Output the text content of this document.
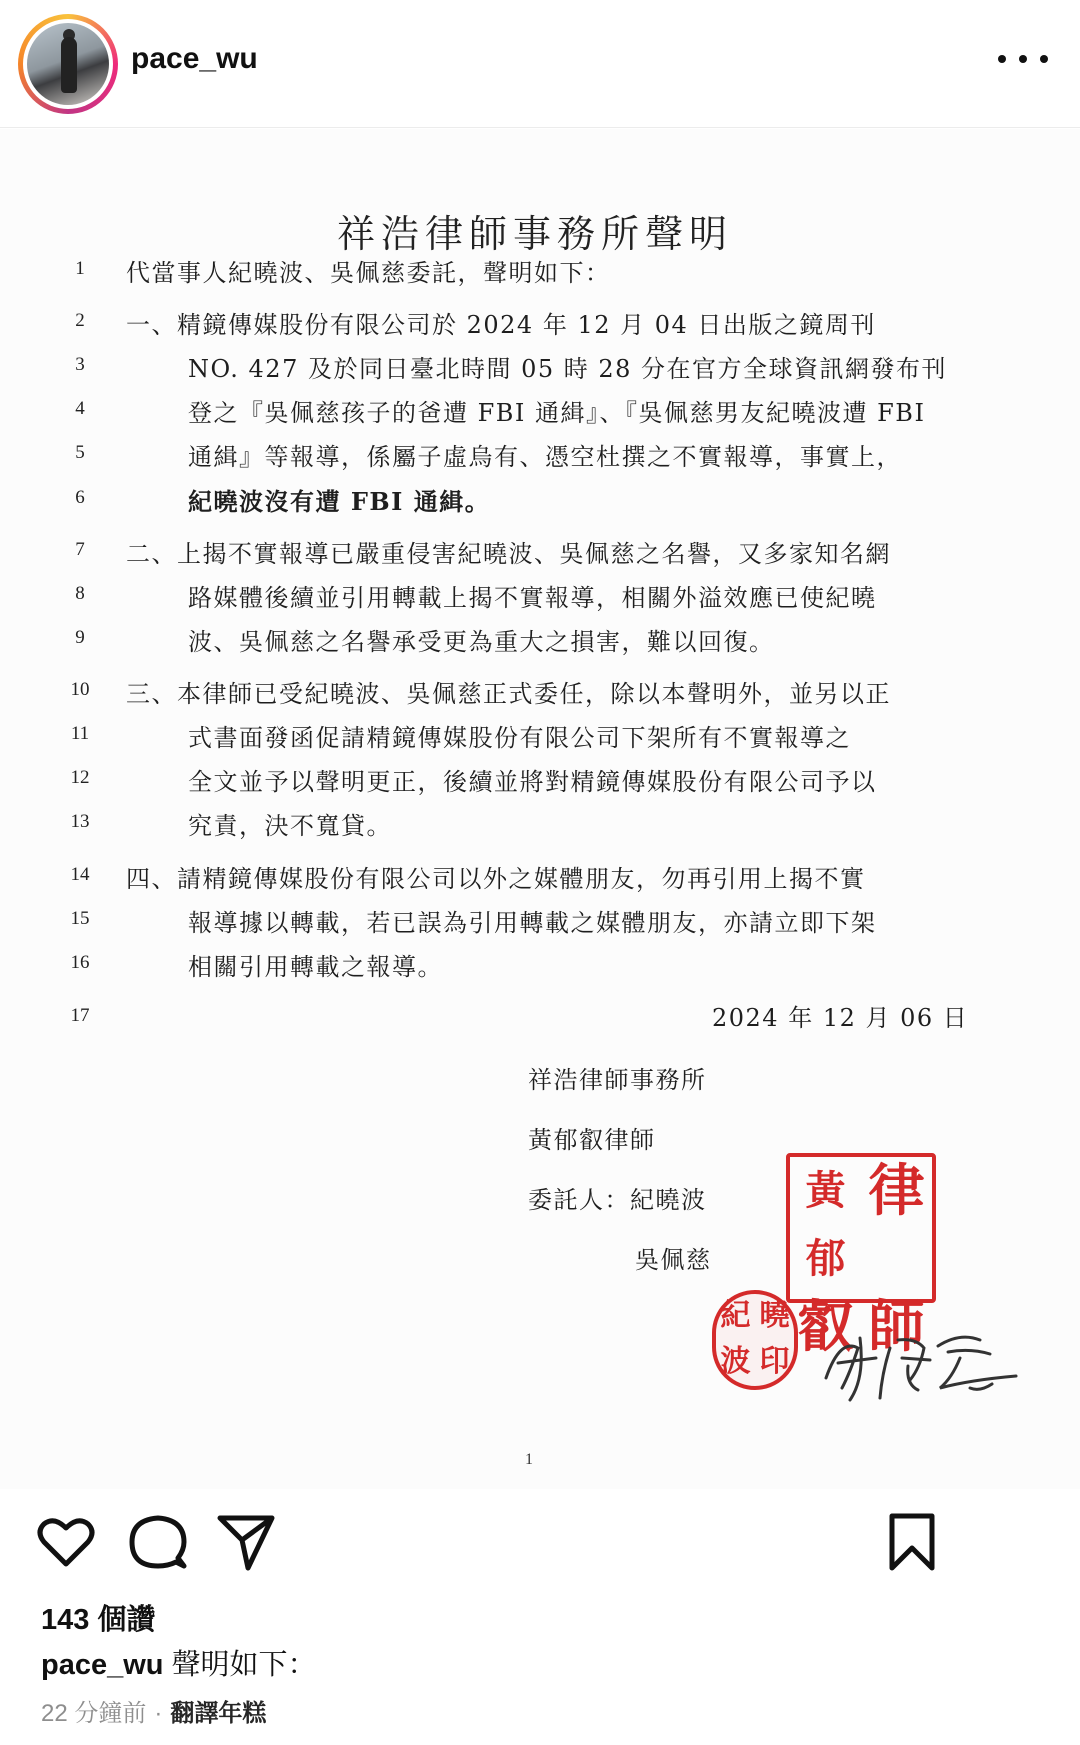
pace_wu
祥浩律師事務所聲明
1
2
3
4
5
6
7
8
9
10
11
12
13
14
15
16
17
代當事人紀曉波、吳佩慈委託，聲明如下：
一、精鏡傳媒股份有限公司於 2024 年 12 月 04 日出版之鏡周刊
NO. 427 及於同日臺北時間 05 時 28 分在官方全球資訊網發布刊
登之『吳佩慈孩子的爸遭 FBI 通緝』、『吳佩慈男友紀曉波遭 FBI
通緝』等報導，係屬子虛烏有、憑空杜撰之不實報導，事實上，
紀曉波沒有遭 FBI 通緝。
二、上揭不實報導已嚴重侵害紀曉波、吳佩慈之名譽，又多家知名網
路媒體後續並引用轉載上揭不實報導，相關外溢效應已使紀曉
波、吳佩慈之名譽承受更為重大之損害，難以回復。
三、本律師已受紀曉波、吳佩慈正式委任，除以本聲明外，並另以正
式書面發函促請精鏡傳媒股份有限公司下架所有不實報導之
全文並予以聲明更正，後續並將對精鏡傳媒股份有限公司予以
究責，決不寬貸。
四、請精鏡傳媒股份有限公司以外之媒體朋友，勿再引用上揭不實
報導據以轉載，若已誤為引用轉載之媒體朋友，亦請立即下架
相關引用轉載之報導。
2024 年 12 月 06 日
祥浩律師事務所
黃郁叡律師
委託人：紀曉波
吳佩慈
1
黃郁
律
叡 師
紀 曉
波 印
143 個讚
pace_wu 聲明如下：
22 分鐘前 · 翻譯年糕
